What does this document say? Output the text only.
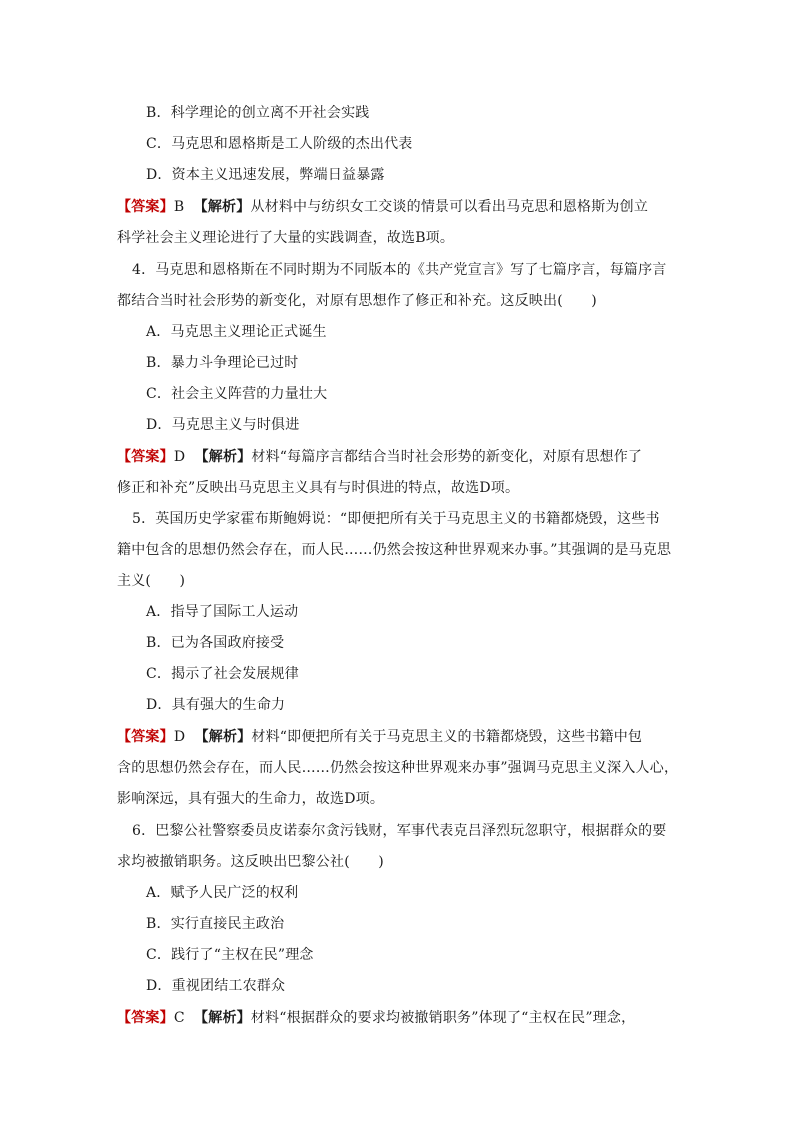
B．科学理论的创立离不开社会实践
C．马克思和恩格斯是工人阶级的杰出代表
D．资本主义迅速发展，弊端日益暴露
【答案】B 【解析】从材料中与纺织女工交谈的情景可以看出马克思和恩格斯为创立
科学社会主义理论进行了大量的实践调查，故选B项。
4．马克思和恩格斯在不同时期为不同版本的《共产党宣言》写了七篇序言，每篇序言
都结合当时社会形势的新变化，对原有思想作了修正和补充。这反映出(　　)
A．马克思主义理论正式诞生
B．暴力斗争理论已过时
C．社会主义阵营的力量壮大
D．马克思主义与时俱进
【答案】D 【解析】材料“每篇序言都结合当时社会形势的新变化，对原有思想作了
修正和补充”反映出马克思主义具有与时俱进的特点，故选D项。
5．英国历史学家霍布斯鲍姆说：“即便把所有关于马克思主义的书籍都烧毁，这些书
籍中包含的思想仍然会存在，而人民……仍然会按这种世界观来办事。”其强调的是马克思
主义(　　)
A．指导了国际工人运动
B．已为各国政府接受
C．揭示了社会发展规律
D．具有强大的生命力
【答案】D 【解析】材料“即便把所有关于马克思主义的书籍都烧毁，这些书籍中包
含的思想仍然会存在，而人民……仍然会按这种世界观来办事”强调马克思主义深入人心，
影响深远，具有强大的生命力，故选D项。
6．巴黎公社警察委员皮诺泰尔贪污钱财，军事代表克吕泽烈玩忽职守，根据群众的要
求均被撤销职务。这反映出巴黎公社(　　)
A．赋予人民广泛的权利
B．实行直接民主政治
C．践行了“主权在民”理念
D．重视团结工农群众
【答案】C 【解析】材料“根据群众的要求均被撤销职务”体现了“主权在民”理念，
